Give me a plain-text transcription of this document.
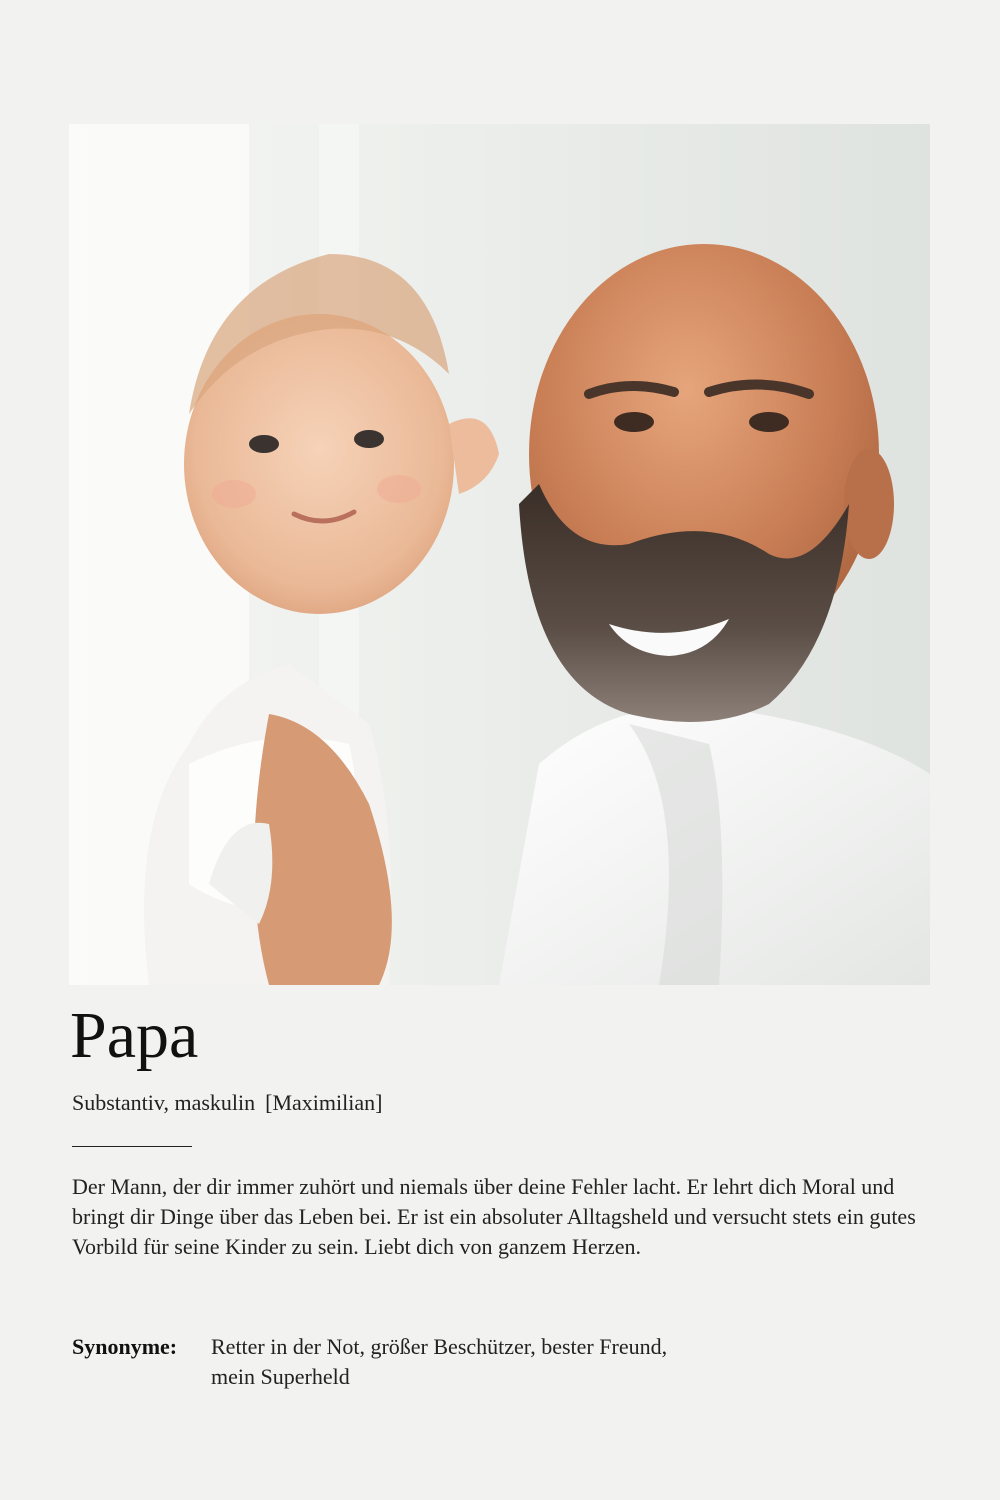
Papa
Substantiv, maskulin [Maximilian]

Der Mann, der dir immer zuhört und niemals über deine Fehler lacht. Er lehrt dich Moral und bringt dir Dinge über das Leben bei. Er ist ein absoluter Alltagsheld und versucht stets ein gutes Vorbild für seine Kinder zu sein. Liebt dich von ganzem Herzen.

Synonyme:	Retter in der Not, größer Beschützer, bester Freund, mein Superheld
